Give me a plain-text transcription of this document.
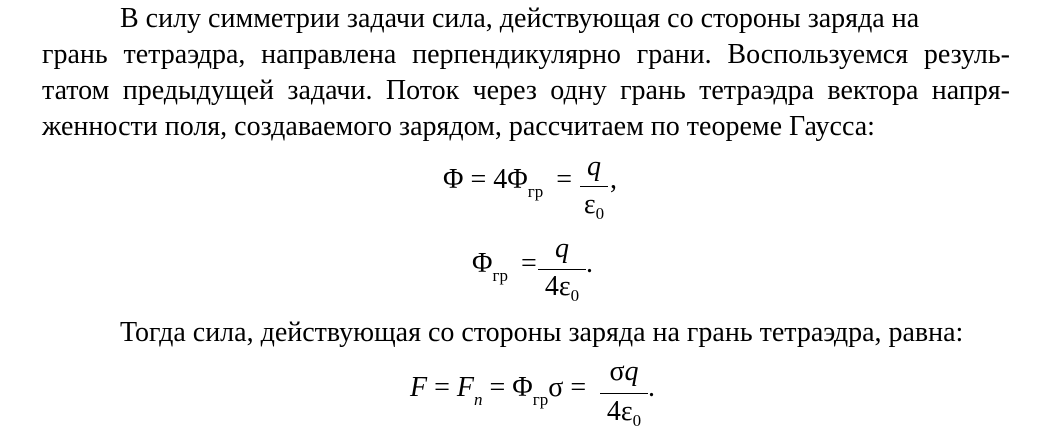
В силу симметрии задачи сила, действующая со стороны заряда на
грань тетраэдра, направлена перпендикулярно грани. Воспользуемся резуль-
татом предыдущей задачи. Поток через одну грань тетраэдра вектора напря-
женности поля, создаваемого зарядом, рассчитаем по теореме Гаусса:
$\Phi = 4\Phi_{гр} = q$
$\varepsilon_0$
,
$\Phi_{гр} = q$
$4\varepsilon_0$
.
Тогда сила, действующая со стороны заряда на грань тетраэдра, равна:
$F = F_n = \Phi_{гр}\sigma$ =
σq
$4\varepsilon_0$
.
